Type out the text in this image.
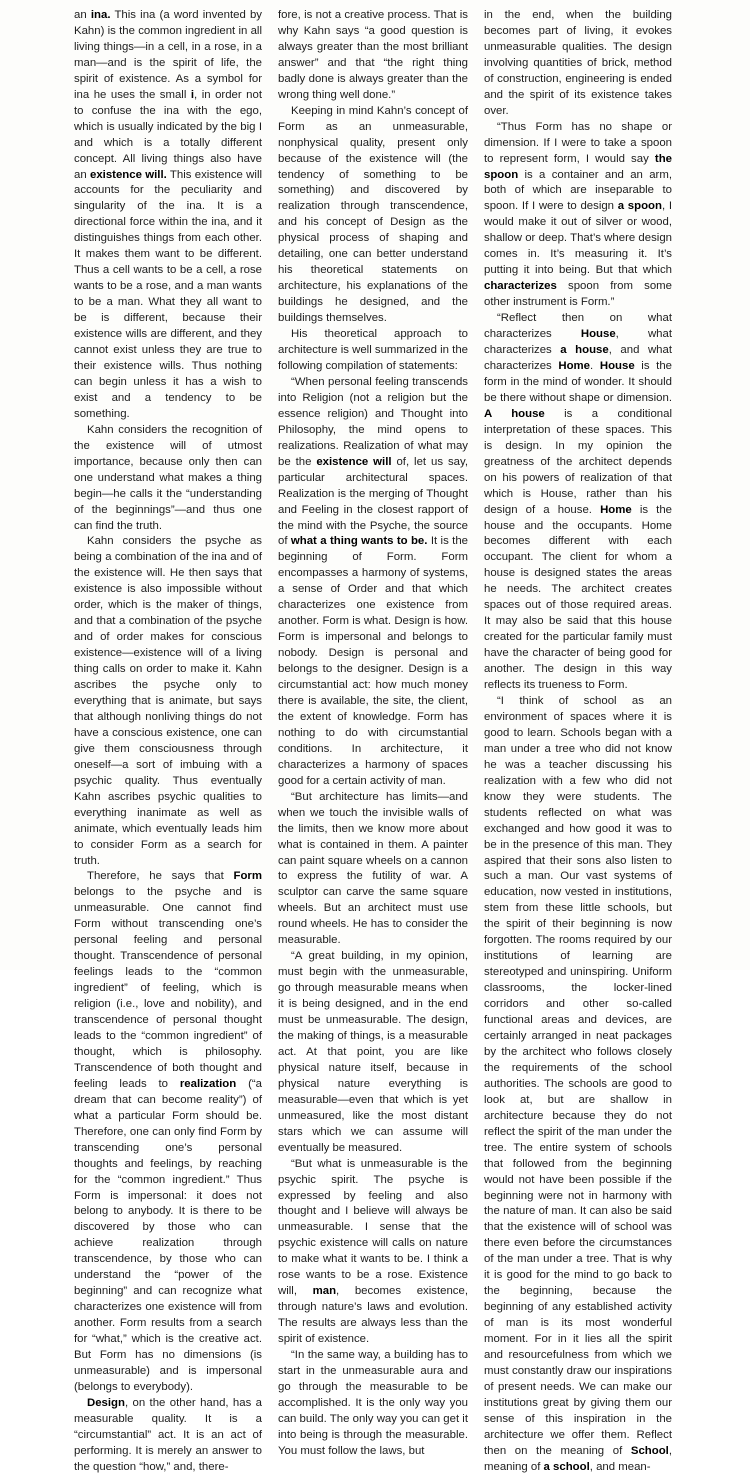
an ina. This ina (a word invented by Kahn) is the common ingredient in all living things—in a cell, in a rose, in a man—and is the spirit of life, the spirit of existence. As a symbol for ina he uses the small i, in order not to confuse the ina with the ego, which is usually indicated by the big I and which is a totally different concept. All living things also have an existence will. This existence will accounts for the peculiarity and singularity of the ina. It is a directional force within the ina, and it distinguishes things from each other. It makes them want to be different. Thus a cell wants to be a cell, a rose wants to be a rose, and a man wants to be a man. What they all want to be is different, because their existence wills are different, and they cannot exist unless they are true to their existence wills. Thus nothing can begin unless it has a wish to exist and a tendency to be something.

Kahn considers the recognition of the existence will of utmost importance, because only then can one understand what makes a thing begin—he calls it the “understanding of the beginnings”—and thus one can find the truth.

Kahn considers the psyche as being a combination of the ina and of the existence will. He then says that existence is also impossible without order, which is the maker of things, and that a combination of the psyche and of order makes for conscious existence—existence will of a living thing calls on order to make it. Kahn ascribes the psyche only to everything that is animate, but says that although nonliving things do not have a conscious existence, one can give them consciousness through oneself—a sort of imbuing with a psychic quality. Thus eventually Kahn ascribes psychic qualities to everything inanimate as well as animate, which eventually leads him to consider Form as a search for truth.

Therefore, he says that Form belongs to the psyche and is unmeasurable. One cannot find Form without transcending one’s personal feeling and personal thought. Transcendence of personal feelings leads to the “common ingredient” of feeling, which is religion (i.e., love and nobility), and transcendence of personal thought leads to the “common ingredient” of thought, which is philosophy. Transcendence of both thought and feeling leads to realization (“a dream that can become reality”) of what a particular Form should be. Therefore, one can only find Form by transcending one’s personal thoughts and feelings, by reaching for the “common ingredient.” Thus Form is impersonal: it does not belong to anybody. It is there to be discovered by those who can achieve realization through transcendence, by those who can understand the “power of the beginning” and can recognize what characterizes one existence will from another. Form results from a search for “what,” which is the creative act. But Form has no dimensions (is unmeasurable) and is impersonal (belongs to everybody).

Design, on the other hand, has a measurable quality. It is a “circumstantial” act. It is an act of performing. It is merely an answer to the question “how,” and, there-

fore, is not a creative process. That is why Kahn says “a good question is always greater than the most brilliant answer” and that “the right thing badly done is always greater than the wrong thing well done.”

Keeping in mind Kahn’s concept of Form as an unmeasurable, nonphysical quality, present only because of the existence will (the tendency of something to be something) and discovered by realization through transcendence, and his concept of Design as the physical process of shaping and detailing, one can better understand his theoretical statements on architecture, his explanations of the buildings he designed, and the buildings themselves.

His theoretical approach to architecture is well summarized in the following compilation of statements:

“When personal feeling transcends into Religion (not a religion but the essence religion) and Thought into Philosophy, the mind opens to realizations. Realization of what may be the existence will of, let us say, particular architectural spaces. Realization is the merging of Thought and Feeling in the closest rapport of the mind with the Psyche, the source of what a thing wants to be. It is the beginning of Form. Form encompasses a harmony of systems, a sense of Order and that which characterizes one existence from another. Form is what. Design is how. Form is impersonal and belongs to nobody. Design is personal and belongs to the designer. Design is a circumstantial act: how much money there is available, the site, the client, the extent of knowledge. Form has nothing to do with circumstantial conditions. In architecture, it characterizes a harmony of spaces good for a certain activity of man.

“But architecture has limits—and when we touch the invisible walls of the limits, then we know more about what is contained in them. A painter can paint square wheels on a cannon to express the futility of war. A sculptor can carve the same square wheels. But an architect must use round wheels. He has to consider the measurable.

“A great building, in my opinion, must begin with the unmeasurable, go through measurable means when it is being designed, and in the end must be unmeasurable. The design, the making of things, is a measurable act. At that point, you are like physical nature itself, because in physical nature everything is measurable—even that which is yet unmeasured, like the most distant stars which we can assume will eventually be measured.

“But what is unmeasurable is the psychic spirit. The psyche is expressed by feeling and also thought and I believe will always be unmeasurable. I sense that the psychic existence will calls on nature to make what it wants to be. I think a rose wants to be a rose. Existence will, man, becomes existence, through nature’s laws and evolution. The results are always less than the spirit of existence.

“In the same way, a building has to start in the unmeasurable aura and go through the measurable to be accomplished. It is the only way you can build. The only way you can get it into being is through the measurable. You must follow the laws, but

in the end, when the building becomes part of living, it evokes unmeasurable qualities. The design involving quantities of brick, method of construction, engineering is ended and the spirit of its existence takes over.

“Thus Form has no shape or dimension. If I were to take a spoon to represent form, I would say the spoon is a container and an arm, both of which are inseparable to spoon. If I were to design a spoon, I would make it out of silver or wood, shallow or deep. That’s where design comes in. It’s measuring it. It’s putting it into being. But that which characterizes spoon from some other instrument is Form.”

“Reflect then on what characterizes House, what characterizes a house, and what characterizes Home. House is the form in the mind of wonder. It should be there without shape or dimension. A house is a conditional interpretation of these spaces. This is design. In my opinion the greatness of the architect depends on his powers of realization of that which is House, rather than his design of a house. Home is the house and the occupants. Home becomes different with each occupant. The client for whom a house is designed states the areas he needs. The architect creates spaces out of those required areas. It may also be said that this house created for the particular family must have the character of being good for another. The design in this way reflects its trueness to Form.

“I think of school as an environment of spaces where it is good to learn. Schools began with a man under a tree who did not know he was a teacher discussing his realization with a few who did not know they were students. The students reflected on what was exchanged and how good it was to be in the presence of this man. They aspired that their sons also listen to such a man. Our vast systems of education, now vested in institutions, stem from these little schools, but the spirit of their beginning is now forgotten. The rooms required by our institutions of learning are stereotyped and uninspiring. Uniform classrooms, the locker-lined corridors and other so-called functional areas and devices, are certainly arranged in neat packages by the architect who follows closely the requirements of the school authorities. The schools are good to look at, but are shallow in architecture because they do not reflect the spirit of the man under the tree. The entire system of schools that followed from the beginning would not have been possible if the beginning were not in harmony with the nature of man. It can also be said that the existence will of school was there even before the circumstances of the man under a tree. That is why it is good for the mind to go back to the beginning, because the beginning of any established activity of man is its most wonderful moment. For in it lies all the spirit and resourcefulness from which we must constantly draw our inspirations of present needs. We can make our institutions great by giving them our sense of this inspiration in the architecture we offer them. Reflect then on the meaning of School, meaning of a school, and mean-
